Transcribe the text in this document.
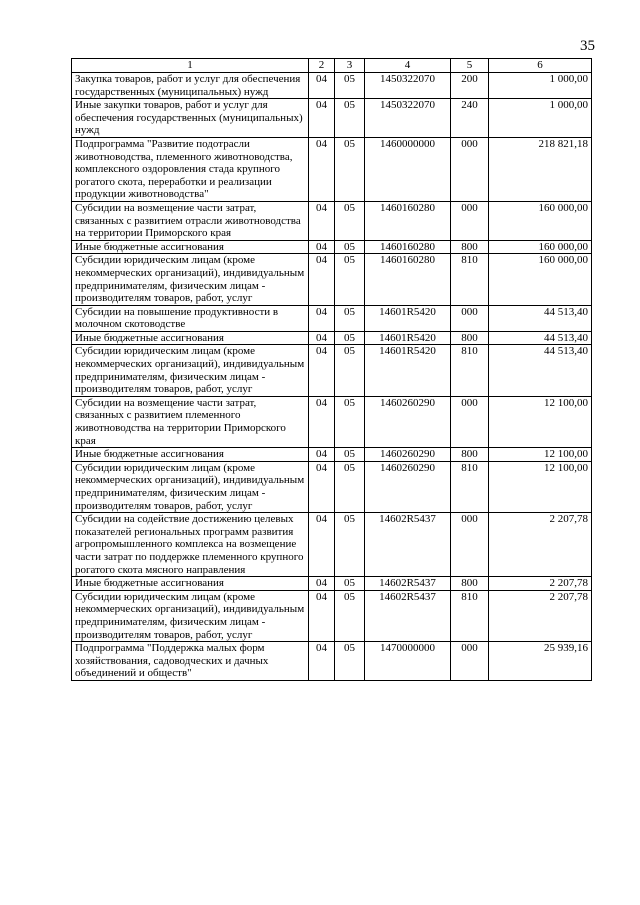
35
1	2	3	4	5	6
Закупка товаров, работ и услуг для обеспечения государственных (муниципальных) нужд	04	05	1450322070	200	1 000,00
Иные закупки товаров, работ и услуг для обеспечения государственных (муниципальных) нужд	04	05	1450322070	240	1 000,00
Подпрограмма "Развитие подотрасли животноводства, племенного животноводства, комплексного оздоровления стада крупного рогатого скота, переработки и реализации продукции животноводства"	04	05	1460000000	000	218 821,18
Субсидии на возмещение части затрат, связанных с развитием отрасли животноводства на территории Приморского края	04	05	1460160280	000	160 000,00
Иные бюджетные ассигнования	04	05	1460160280	800	160 000,00
Субсидии юридическим лицам (кроме некоммерческих организаций), индивидуальным предпринимателям, физическим лицам - производителям товаров, работ, услуг	04	05	1460160280	810	160 000,00
Субсидии на повышение продуктивности в молочном скотоводстве	04	05	14601R5420	000	44 513,40
Иные бюджетные ассигнования	04	05	14601R5420	800	44 513,40
Субсидии юридическим лицам (кроме некоммерческих организаций), индивидуальным предпринимателям, физическим лицам - производителям товаров, работ, услуг	04	05	14601R5420	810	44 513,40
Субсидии на возмещение части затрат, связанных с развитием племенного животноводства на территории Приморского края	04	05	1460260290	000	12 100,00
Иные бюджетные ассигнования	04	05	1460260290	800	12 100,00
Субсидии юридическим лицам (кроме некоммерческих организаций), индивидуальным предпринимателям, физическим лицам - производителям товаров, работ, услуг	04	05	1460260290	810	12 100,00
Субсидии на содействие достижению целевых показателей региональных программ развития агропромышленного комплекса на возмещение части затрат по поддержке племенного крупного рогатого скота мясного направления	04	05	14602R5437	000	2 207,78
Иные бюджетные ассигнования	04	05	14602R5437	800	2 207,78
Субсидии юридическим лицам (кроме некоммерческих организаций), индивидуальным предпринимателям, физическим лицам - производителям товаров, работ, услуг	04	05	14602R5437	810	2 207,78
Подпрограмма "Поддержка малых форм хозяйствования, садоводческих и дачных объединений и обществ"	04	05	1470000000	000	25 939,16
